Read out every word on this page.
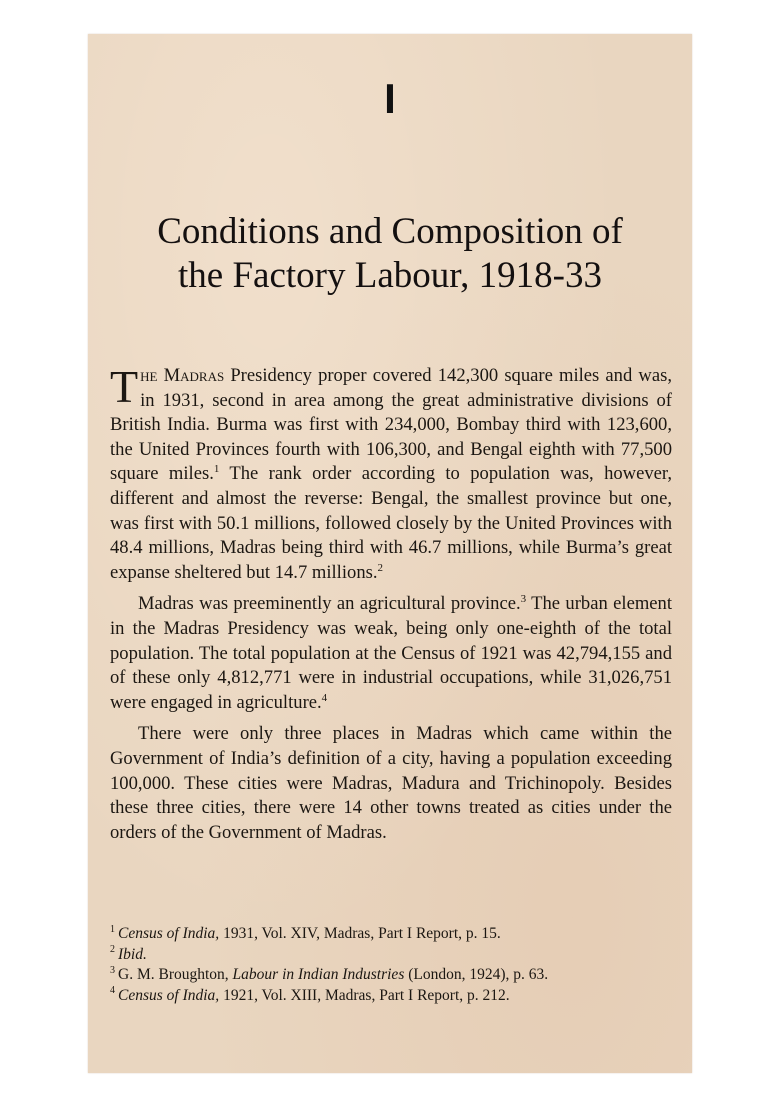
I
Conditions and Composition of
the Factory Labour, 1918-33

The Madras Presidency proper covered 142,300 square miles and was, in 1931, second in area among the great administrative divisions of British India. Burma was first with 234,000, Bombay third with 123,600, the United Provinces fourth with 106,300, and Bengal eighth with 77,500 square miles.$^1$ The rank order according to population was, however, different and almost the reverse: Bengal, the smallest province but one, was first with 50.1 millions, followed closely by the United Provinces with 48.4 millions, Madras being third with 46.7 millions, while Burma’s great expanse sheltered but 14.7 millions.$^2$

Madras was preeminently an agricultural province.$^3$ The urban element in the Madras Presidency was weak, being only one-eighth of the total population. The total population at the Census of 1921 was 42,794,155 and of these only 4,812,771 were in industrial occupations, while 31,026,751 were engaged in agriculture.$^4$

There were only three places in Madras which came within the Government of India’s definition of a city, having a population exceeding 100,000. These cities were Madras, Madura and Trichinopoly. Besides these three cities, there were 14 other towns treated as cities under the orders of the Government of Madras.

$^1$ Census of India, 1931, Vol. XIV, Madras, Part I Report, p. 15.

$^2$ Ibid.

$^3$ G. M. Broughton, Labour in Indian Industries (London, 1924), p. 63.

$^4$ Census of India, 1921, Vol. XIII, Madras, Part I Report, p. 212.
